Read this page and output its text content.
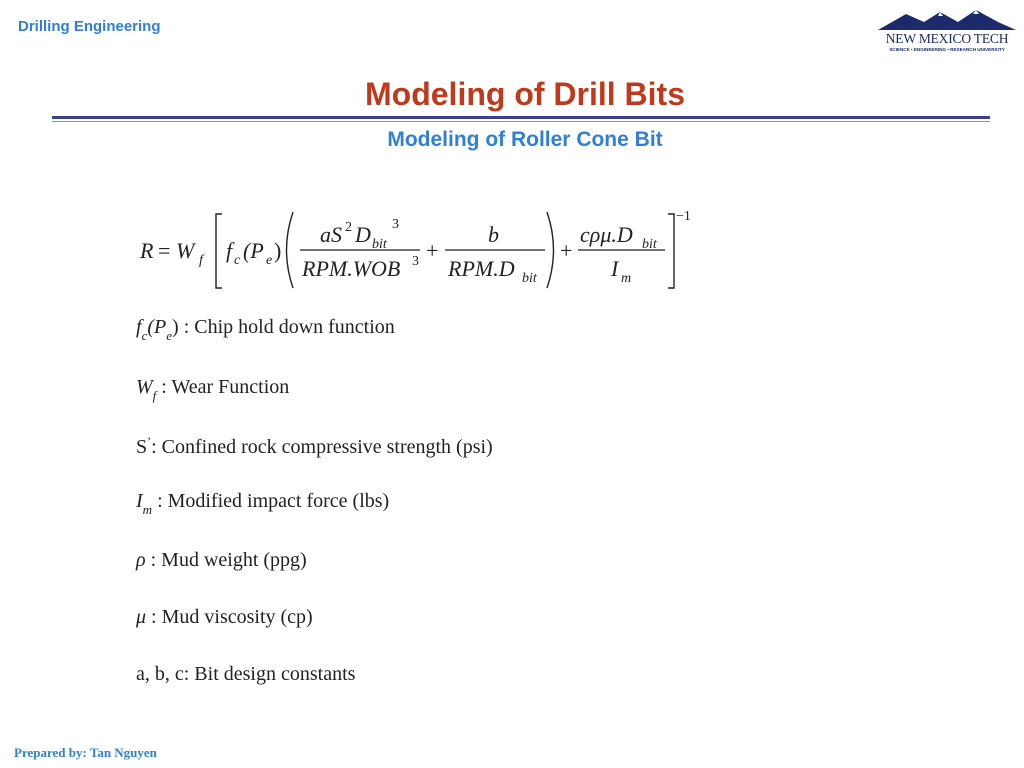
Drilling Engineering
NEW MEXICO TECH
SCIENCE • ENGINEERING • RESEARCH UNIVERSITY
Modeling of Drill Bits
Modeling of Roller Cone Bit
R = W f f c (P e )
aS 2 D bit
3
RPM.WOB 3 +
b
RPM.D bit
+
cρμ.D bit
I m
−1
$f_c(P_e)$ : Chip hold down function
$W_f$ : Wear Function
S’: Confined rock compressive strength (psi)
$I_m$ : Modified impact force (lbs)
ρ : Mud weight (ppg)
μ : Mud viscosity (cp)
a, b, c: Bit design constants
Prepared by: Tan Nguyen
